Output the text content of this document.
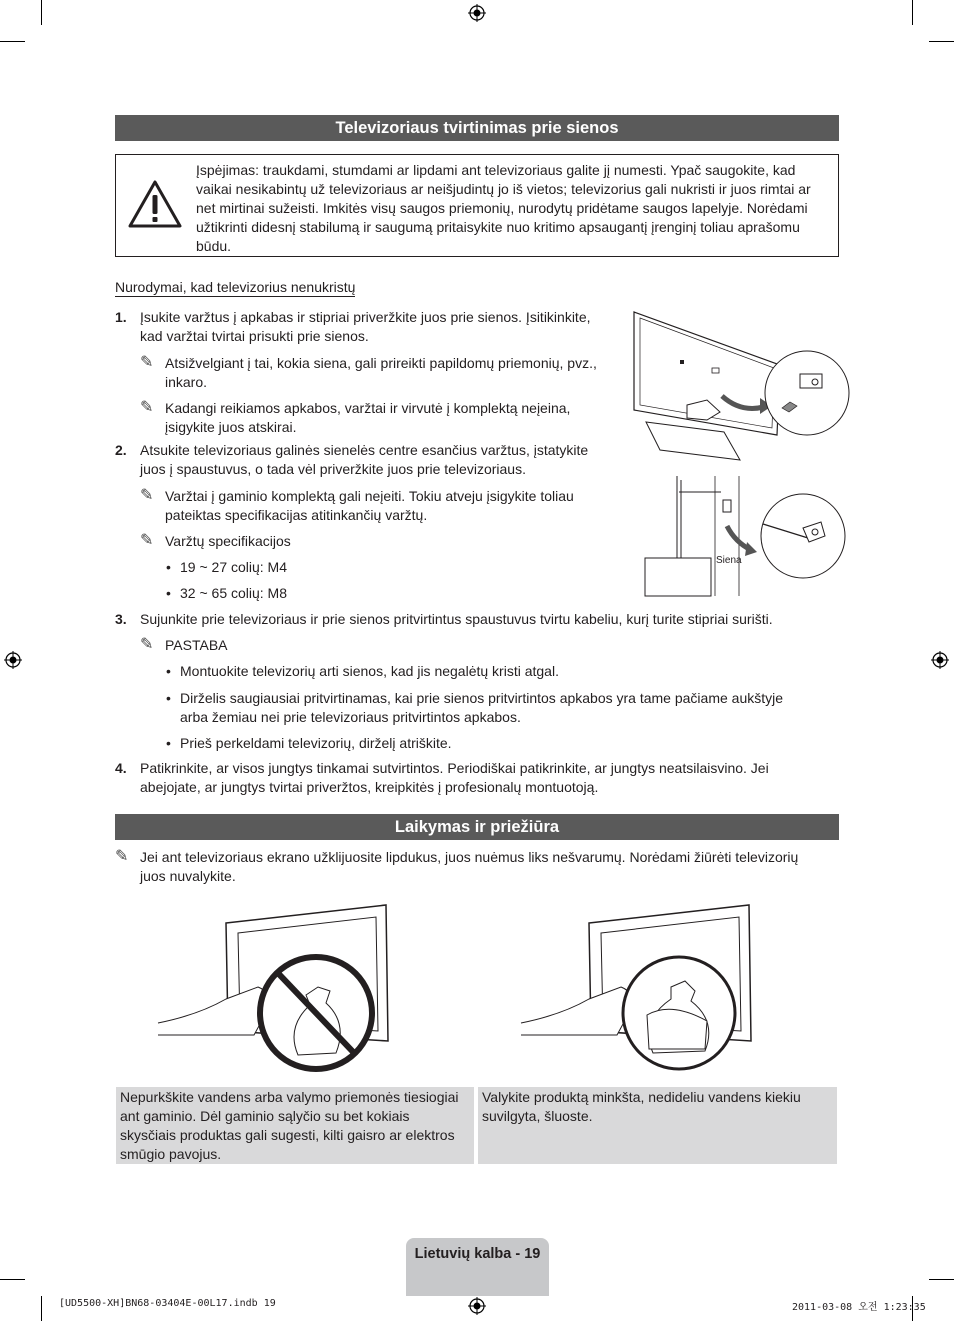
Televizoriaus tvirtinimas prie sienos
Įspėjimas: traukdami, stumdami ar lipdami ant televizoriaus galite jį numesti. Ypač saugokite, kad
vaikai nesikabintų už televizoriaus ar neišjudintų jo iš vietos; televizorius gali nukristi ir juos rimtai ar
net mirtinai sužeisti. Imkitės visų saugos priemonių, nurodytų pridėtame saugos lapelyje. Norėdami
užtikrinti didesnį stabilumą ir saugumą pritaisykite nuo kritimo apsaugantį įrenginį toliau aprašomu
būdu.
Nurodymai, kad televizorius nenukristų
1. Įsukite varžtus į apkabas ir stipriai priveržkite juos prie sienos. Įsitikinkite,
kad varžtai tvirtai prisukti prie sienos.
✎ Atsižvelgiant į tai, kokia siena, gali prireikti papildomų priemonių, pvz.,
inkaro.
✎ Kadangi reikiamos apkabos, varžtai ir virvutė į komplektą neįeina,
įsigykite juos atskirai.
2. Atsukite televizoriaus galinės sienelės centre esančius varžtus, įstatykite
juos į spaustuvus, o tada vėl priveržkite juos prie televizoriaus.
✎ Varžtai į gaminio komplektą gali neįeiti. Tokiu atveju įsigykite toliau
pateiktas specifikacijas atitinkančių varžtų.
✎ Varžtų specifikacijos
• 19 ~ 27 colių: M4
• 32 ~ 65 colių: M8
3. Sujunkite prie televizoriaus ir prie sienos pritvirtintus spaustuvus tvirtu kabeliu, kurį turite stipriai surišti.
✎ PASTABA
• Montuokite televizorių arti sienos, kad jis negalėtų kristi atgal.
• Dirželis saugiausiai pritvirtinamas, kai prie sienos pritvirtintos apkabos yra tame pačiame aukštyje
arba žemiau nei prie televizoriaus pritvirtintos apkabos.
• Prieš perkeldami televizorių, dirželį atriškite.
4. Patikrinkite, ar visos jungtys tinkamai sutvirtintos. Periodiškai patikrinkite, ar jungtys neatsilaisvino. Jei
abejojate, ar jungtys tvirtai priveržtos, kreipkitės į profesionalų montuotoją.
Siena
Laikymas ir priežiūra
✎ Jei ant televizoriaus ekrano užklijuosite lipdukus, juos nuėmus liks nešvarumų. Norėdami žiūrėti televizorių
juos nuvalykite.
Nepurkškite vandens arba valymo priemonės tiesiogiai
ant gaminio. Dėl gaminio sąlyčio su bet kokiais
skysčiais produktas gali sugesti, kilti gaisro ar elektros
smūgio pavojus.
Valykite produktą minkšta, nedideliu vandens kiekiu
suvilgyta, šluoste.
Lietuvių kalba - 19
[UD5500-XH]BN68-03404E-00L17.indb 19	2011-03-08 오전 1:23:35
